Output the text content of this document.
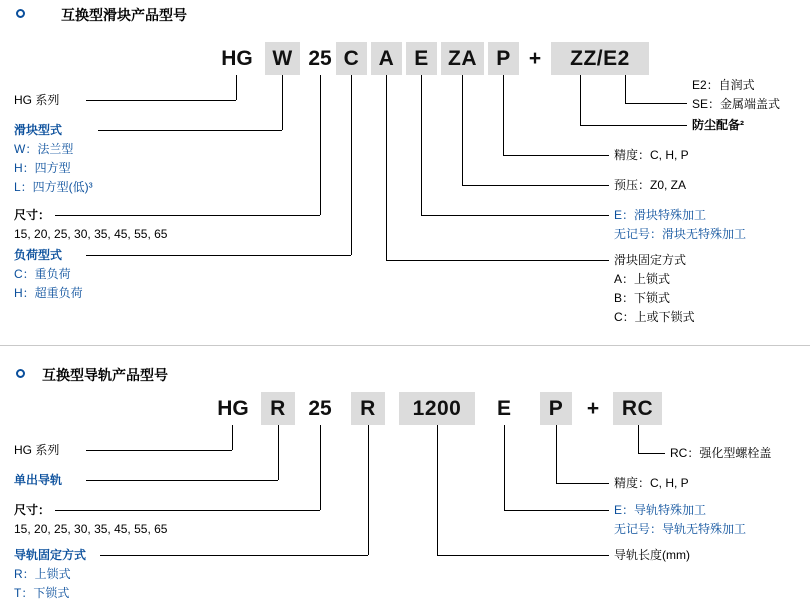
互换型滑块产品型号
HG W 25 C A E ZA P +	ZZ/E2
HG 系列
滑块型式
W：法兰型
H：四方型
L：四方型(低)³
尺寸：
15, 20, 25, 30, 35, 45, 55, 65
负荷型式
C：重负荷
H：超重负荷
E2：自润式
SE：金属端盖式
防尘配备²
精度：C, H, P
预压：Z0, ZA
E：滑块特殊加工
无记号：滑块无特殊加工
滑块固定方式
A：上锁式
B：下锁式
C：上或下锁式
互换型导轨产品型号
HG	R	25	R	1200	E	P	+	RC
HG 系列
单出导轨
尺寸：
15, 20, 25, 30, 35, 45, 55, 65
导轨固定方式
R：上锁式
T：下锁式
RC：强化型螺栓盖
精度：C, H, P
E：导轨特殊加工
无记号：导轨无特殊加工
导轨长度(mm)
